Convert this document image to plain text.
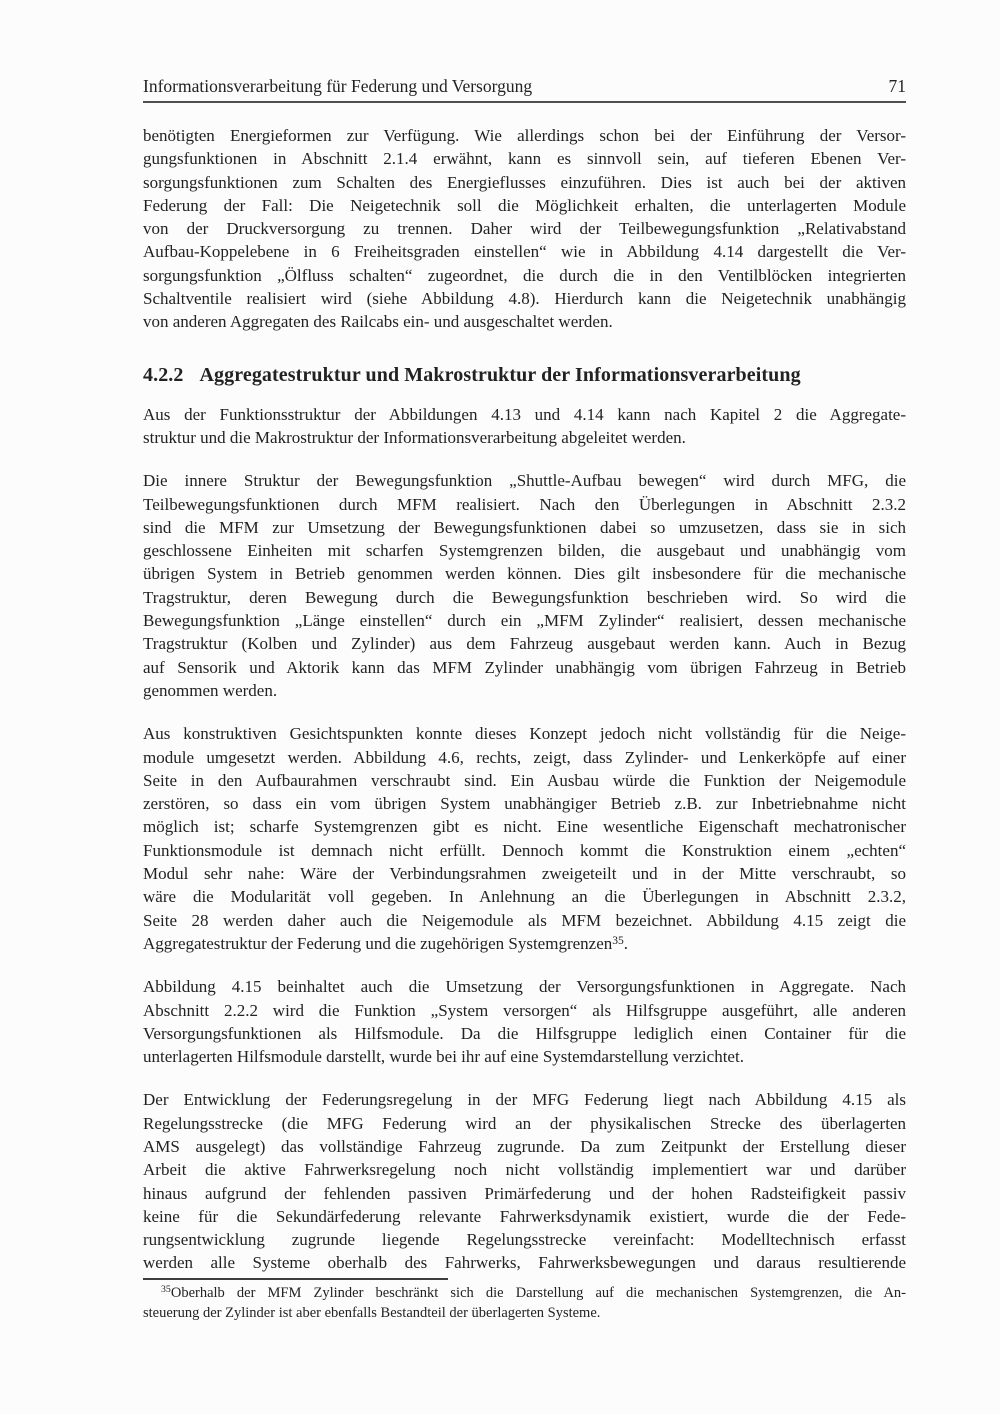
Informationsverarbeitung für Federung und Versorgung	71
benötigten Energieformen zur Verfügung. Wie allerdings schon bei der Einführung der Versor-
gungsfunktionen in Abschnitt 2.1.4 erwähnt, kann es sinnvoll sein, auf tieferen Ebenen Ver-
sorgungsfunktionen zum Schalten des Energieflusses einzuführen. Dies ist auch bei der aktiven
Federung der Fall: Die Neigetechnik soll die Möglichkeit erhalten, die unterlagerten Module
von der Druckversorgung zu trennen. Daher wird der Teilbewegungsfunktion „Relativabstand
Aufbau-Koppelebene in 6 Freiheitsgraden einstellen“ wie in Abbildung 4.14 dargestellt die Ver-
sorgungsfunktion „Ölfluss schalten“ zugeordnet, die durch die in den Ventilblöcken integrierten
Schaltventile realisiert wird (siehe Abbildung 4.8). Hierdurch kann die Neigetechnik unabhängig
von anderen Aggregaten des Railcabs ein- und ausgeschaltet werden.
4.2.2 Aggregatestruktur und Makrostruktur der Informationsverarbeitung
Aus der Funktionsstruktur der Abbildungen 4.13 und 4.14 kann nach Kapitel 2 die Aggregate-
struktur und die Makrostruktur der Informationsverarbeitung abgeleitet werden.
Die innere Struktur der Bewegungsfunktion „Shuttle-Aufbau bewegen“ wird durch MFG, die
Teilbewegungsfunktionen durch MFM realisiert. Nach den Überlegungen in Abschnitt 2.3.2
sind die MFM zur Umsetzung der Bewegungsfunktionen dabei so umzusetzen, dass sie in sich
geschlossene Einheiten mit scharfen Systemgrenzen bilden, die ausgebaut und unabhängig vom
übrigen System in Betrieb genommen werden können. Dies gilt insbesondere für die mechanische
Tragstruktur, deren Bewegung durch die Bewegungsfunktion beschrieben wird. So wird die
Bewegungsfunktion „Länge einstellen“ durch ein „MFM Zylinder“ realisiert, dessen mechanische
Tragstruktur (Kolben und Zylinder) aus dem Fahrzeug ausgebaut werden kann. Auch in Bezug
auf Sensorik und Aktorik kann das MFM Zylinder unabhängig vom übrigen Fahrzeug in Betrieb
genommen werden.
Aus konstruktiven Gesichtspunkten konnte dieses Konzept jedoch nicht vollständig für die Neige-
module umgesetzt werden. Abbildung 4.6, rechts, zeigt, dass Zylinder- und Lenkerköpfe auf einer
Seite in den Aufbaurahmen verschraubt sind. Ein Ausbau würde die Funktion der Neigemodule
zerstören, so dass ein vom übrigen System unabhängiger Betrieb z.B. zur Inbetriebnahme nicht
möglich ist; scharfe Systemgrenzen gibt es nicht. Eine wesentliche Eigenschaft mechatronischer
Funktionsmodule ist demnach nicht erfüllt. Dennoch kommt die Konstruktion einem „echten“
Modul sehr nahe: Wäre der Verbindungsrahmen zweigeteilt und in der Mitte verschraubt, so
wäre die Modularität voll gegeben. In Anlehnung an die Überlegungen in Abschnitt 2.3.2,
Seite 28 werden daher auch die Neigemodule als MFM bezeichnet. Abbildung 4.15 zeigt die
Aggregatestruktur der Federung und die zugehörigen Systemgrenzen$^{35}$.
Abbildung 4.15 beinhaltet auch die Umsetzung der Versorgungsfunktionen in Aggregate. Nach
Abschnitt 2.2.2 wird die Funktion „System versorgen“ als Hilfsgruppe ausgeführt, alle anderen
Versorgungsfunktionen als Hilfsmodule. Da die Hilfsgruppe lediglich einen Container für die
unterlagerten Hilfsmodule darstellt, wurde bei ihr auf eine Systemdarstellung verzichtet.
Der Entwicklung der Federungsregelung in der MFG Federung liegt nach Abbildung 4.15 als
Regelungsstrecke (die MFG Federung wird an der physikalischen Strecke des überlagerten
AMS ausgelegt) das vollständige Fahrzeug zugrunde. Da zum Zeitpunkt der Erstellung dieser
Arbeit die aktive Fahrwerksregelung noch nicht vollständig implementiert war und darüber
hinaus aufgrund der fehlenden passiven Primärfederung und der hohen Radsteifigkeit passiv
keine für die Sekundärfederung relevante Fahrwerksdynamik existiert, wurde die der Fede-
rungsentwicklung zugrunde liegende Regelungsstrecke vereinfacht: Modelltechnisch erfasst
werden alle Systeme oberhalb des Fahrwerks, Fahrwerksbewegungen und daraus resultierende
$^{35}$Oberhalb der MFM Zylinder beschränkt sich die Darstellung auf die mechanischen Systemgrenzen, die An-
steuerung der Zylinder ist aber ebenfalls Bestandteil der überlagerten Systeme.
